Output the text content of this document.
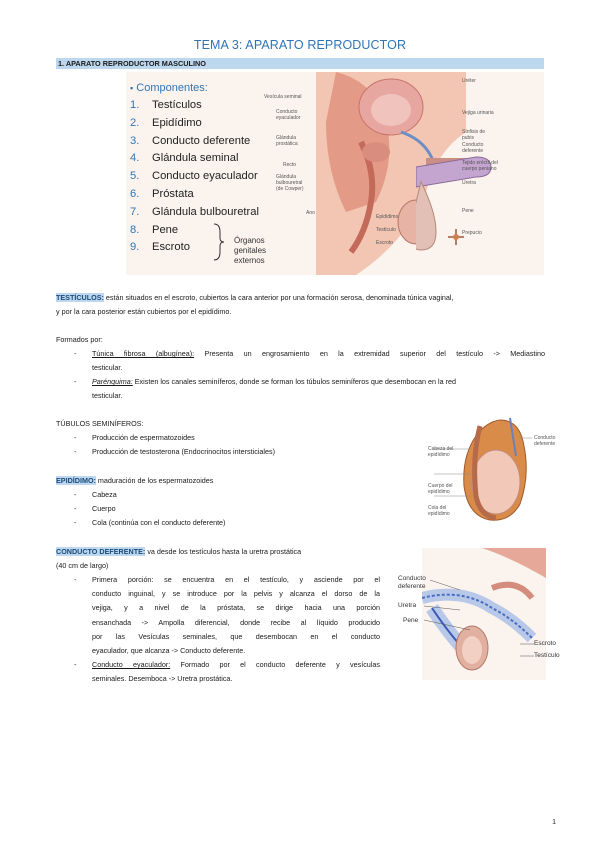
TEMA 3: APARATO REPRODUCTOR
1. APARATO REPRODUCTOR MASCULINO
▪ Componentes:
1. Testículos
2. Epidídimo
3. Conducto deferente
4. Glándula seminal
5. Conducto eyaculador
6. Próstata
7. Glándula bulbouretral
8. Pene
9. Escroto
Órganos
genitales
externos
Vesícula seminal
Conducto eyaculador
Glándula prostática
Recto
Glándula bulbouretral (de Cowper)
Ano
Uréter
Vejiga urinaria
Sínfisis de pubis
Conducto deferente
Tejido eréctil del cuerpo peniano
Uretra
Pene
Prepucio
Epidídimo
Testículo
Escroto
TESTÍCULOS: están situados en el escroto, cubiertos la cara anterior por una formación serosa, denominada túnica vaginal,
y por la cara posterior están cubiertos por el epidídimo.
Formados por:
- Túnica fibrosa (albugínea): Presenta un engrosamiento en la extremidad superior del testículo -> Mediastino
testicular.
- Parénquima: Existen los canales seminíferos, donde se forman los túbulos seminíferos que desembocan en la red
testicular.
TÚBULOS SEMINÍFEROS:
- Producción de espermatozoides
- Producción de testosterona (Endocrinocitos intersticiales)	Cabeza del epidídimo
Cuerpo del epidídimo
Cola del epidídimo
Conducto deferente
EPIDÍDIMO: maduración de los espermatozoides
- Cabeza
- Cuerpo
- Cola (continúa con el conducto deferente)
CONDUCTO DEFERENTE: va desde los testículos hasta la uretra prostática
(40 cm de largo)
- Primera porción: se encuentra en el testículo, y asciende por el
conducto inguinal, y se introduce por la pelvis y alcanza el dorso de la
vejiga, y a nivel de la próstata, se dirige hacia una porción
ensanchada -> Ampolla diferencial, donde recibe al líquido producido
por las Vesículas seminales, que desembocan en el conducto
eyaculador, que alcanza -> Conducto deferente.
- Conducto eyaculador: Formado por el conducto deferente y vesículas
seminales. Desemboca -> Uretra prostática.
Conducto deferente
Uretra
Pene
Escroto
Testículo
1
